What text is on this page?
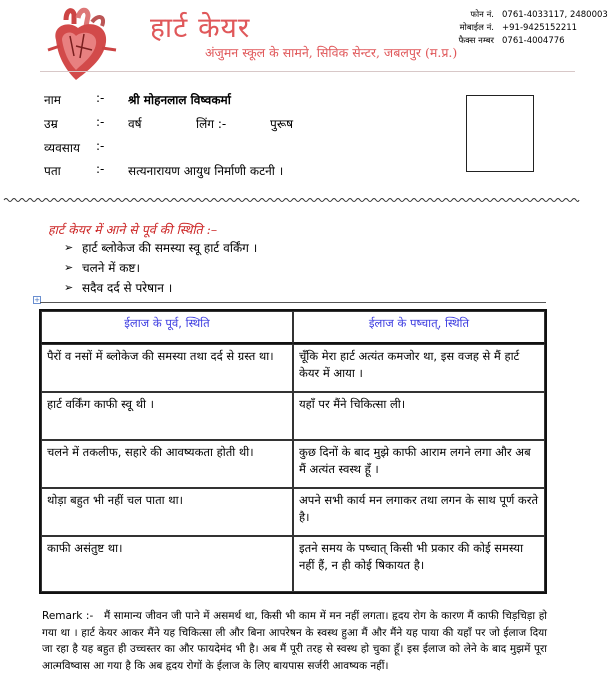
हार्ट केयर
अंजुमन स्कूल के सामने, सिविक सेन्टर, जबलपुर (म.प्र.)
फोन नं. 0761-4033117, 2480003
मोबाईल नं. +91-9425152211
फैक्स नम्बर 0761-4004776
नाम	:- श्री मोहनलाल विष्वकर्मा
उम्र	:- वर्ष	लिंग :-	पुरूष
व्यवसाय :-
पता	:- सत्यनारायण आयुध निर्माणी कटनी ।
हार्ट केयर में आने से पूर्व की स्थिति :–
➢ हार्ट ब्लोकेज की समस्या स्वू हार्ट वर्किंग ।
➢ चलने में कष्ट।
➢ सदैव दर्द से परेषान ।
+
ईलाज के पूर्व, स्थिति	ईलाज के पष्चात्, स्थिति
पैरों व नसों में ब्लोकेज की समस्या तथा दर्द से ग्रस्त था।	चूँकि मेरा हार्ट अत्यंत कमजोर था, इस वजह से मैं हार्ट केयर में आया ।
हार्ट वर्किंग काफी स्वू थी ।	यहाँ पर मैंने चिकित्सा ली।
चलने में तकलीफ, सहारे की आवष्यकता होती थी।	कुछ दिनों के बाद मुझे काफी आराम लगने लगा और अब मैं अत्यंत स्वस्थ हूँ ।
थोड़ा बहुत भी नहीं चल पाता था।	अपने सभी कार्य मन लगाकर तथा लगन के साथ पूर्ण करते है।
काफी असंतुष्ट था।	इतने समय के पष्चात् किसी भी प्रकार की कोई समस्या नहीं हैं, न ही कोई षिकायत है।
Remark :- मैं सामान्य जीवन जी पाने में असमर्थ था, किसी भी काम में मन नहीं लगता। हृदय रोग के कारण मैं काफी चिड़चिड़ा हो गया था । हार्ट केयर आकर मैंने यह चिकित्सा ली और बिना आपरेषन के स्वस्थ हुआ मैं और मैंने यह पाया की यहाँ पर जो ईलाज दिया जा रहा है यह बहुत ही उच्चस्तर का और फायदेमंद भी है। अब मैं पूरी तरह से स्वस्थ हो चुका हूँ। इस ईलाज को लेने के बाद मुझमें पूरा आत्मविष्वास आ गया है कि अब हृदय रोगों के ईलाज के लिए बायपास सर्जरी आवष्यक नहीं।
